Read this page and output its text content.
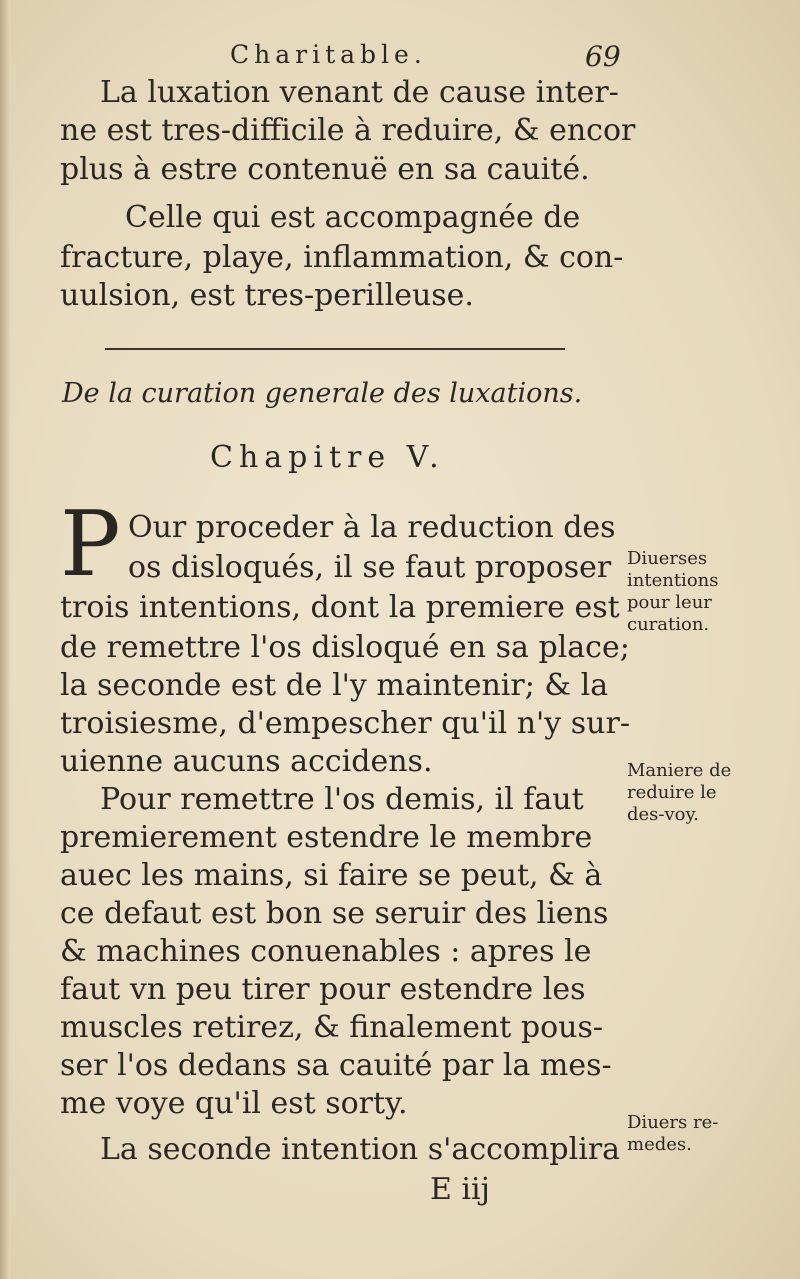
Charitable.	69
La luxation venant de cause inter-
ne est tres-difficile à reduire, & encor
plus à estre contenuë en sa cauité.
Celle qui est accompagnée de
fracture, playe, inflammation, & con-
uulsion, est tres-perilleuse.
De la curation generale des luxations.
Chapitre V.
P Our proceder à la reduction des
os disloqués, il se faut proposer
trois intentions, dont la premiere est
de remettre l'os disloqué en sa place;
la seconde est de l'y maintenir; & la
troisiesme, d'empescher qu'il n'y sur-
uienne aucuns accidens.
Pour remettre l'os demis, il faut
premierement estendre le membre
auec les mains, si faire se peut, & à
ce defaut est bon se seruir des liens
& machines conuenables : apres le
faut vn peu tirer pour estendre les
muscles retirez, & finalement pous-
ser l'os dedans sa cauité par la mes-
me voye qu'il est sorty.
La seconde intention s'accomplira
E iij
Diuerses
intentions
pour leur
curation.
Maniere de
reduire le
des-voy.
Diuers re-
medes.
